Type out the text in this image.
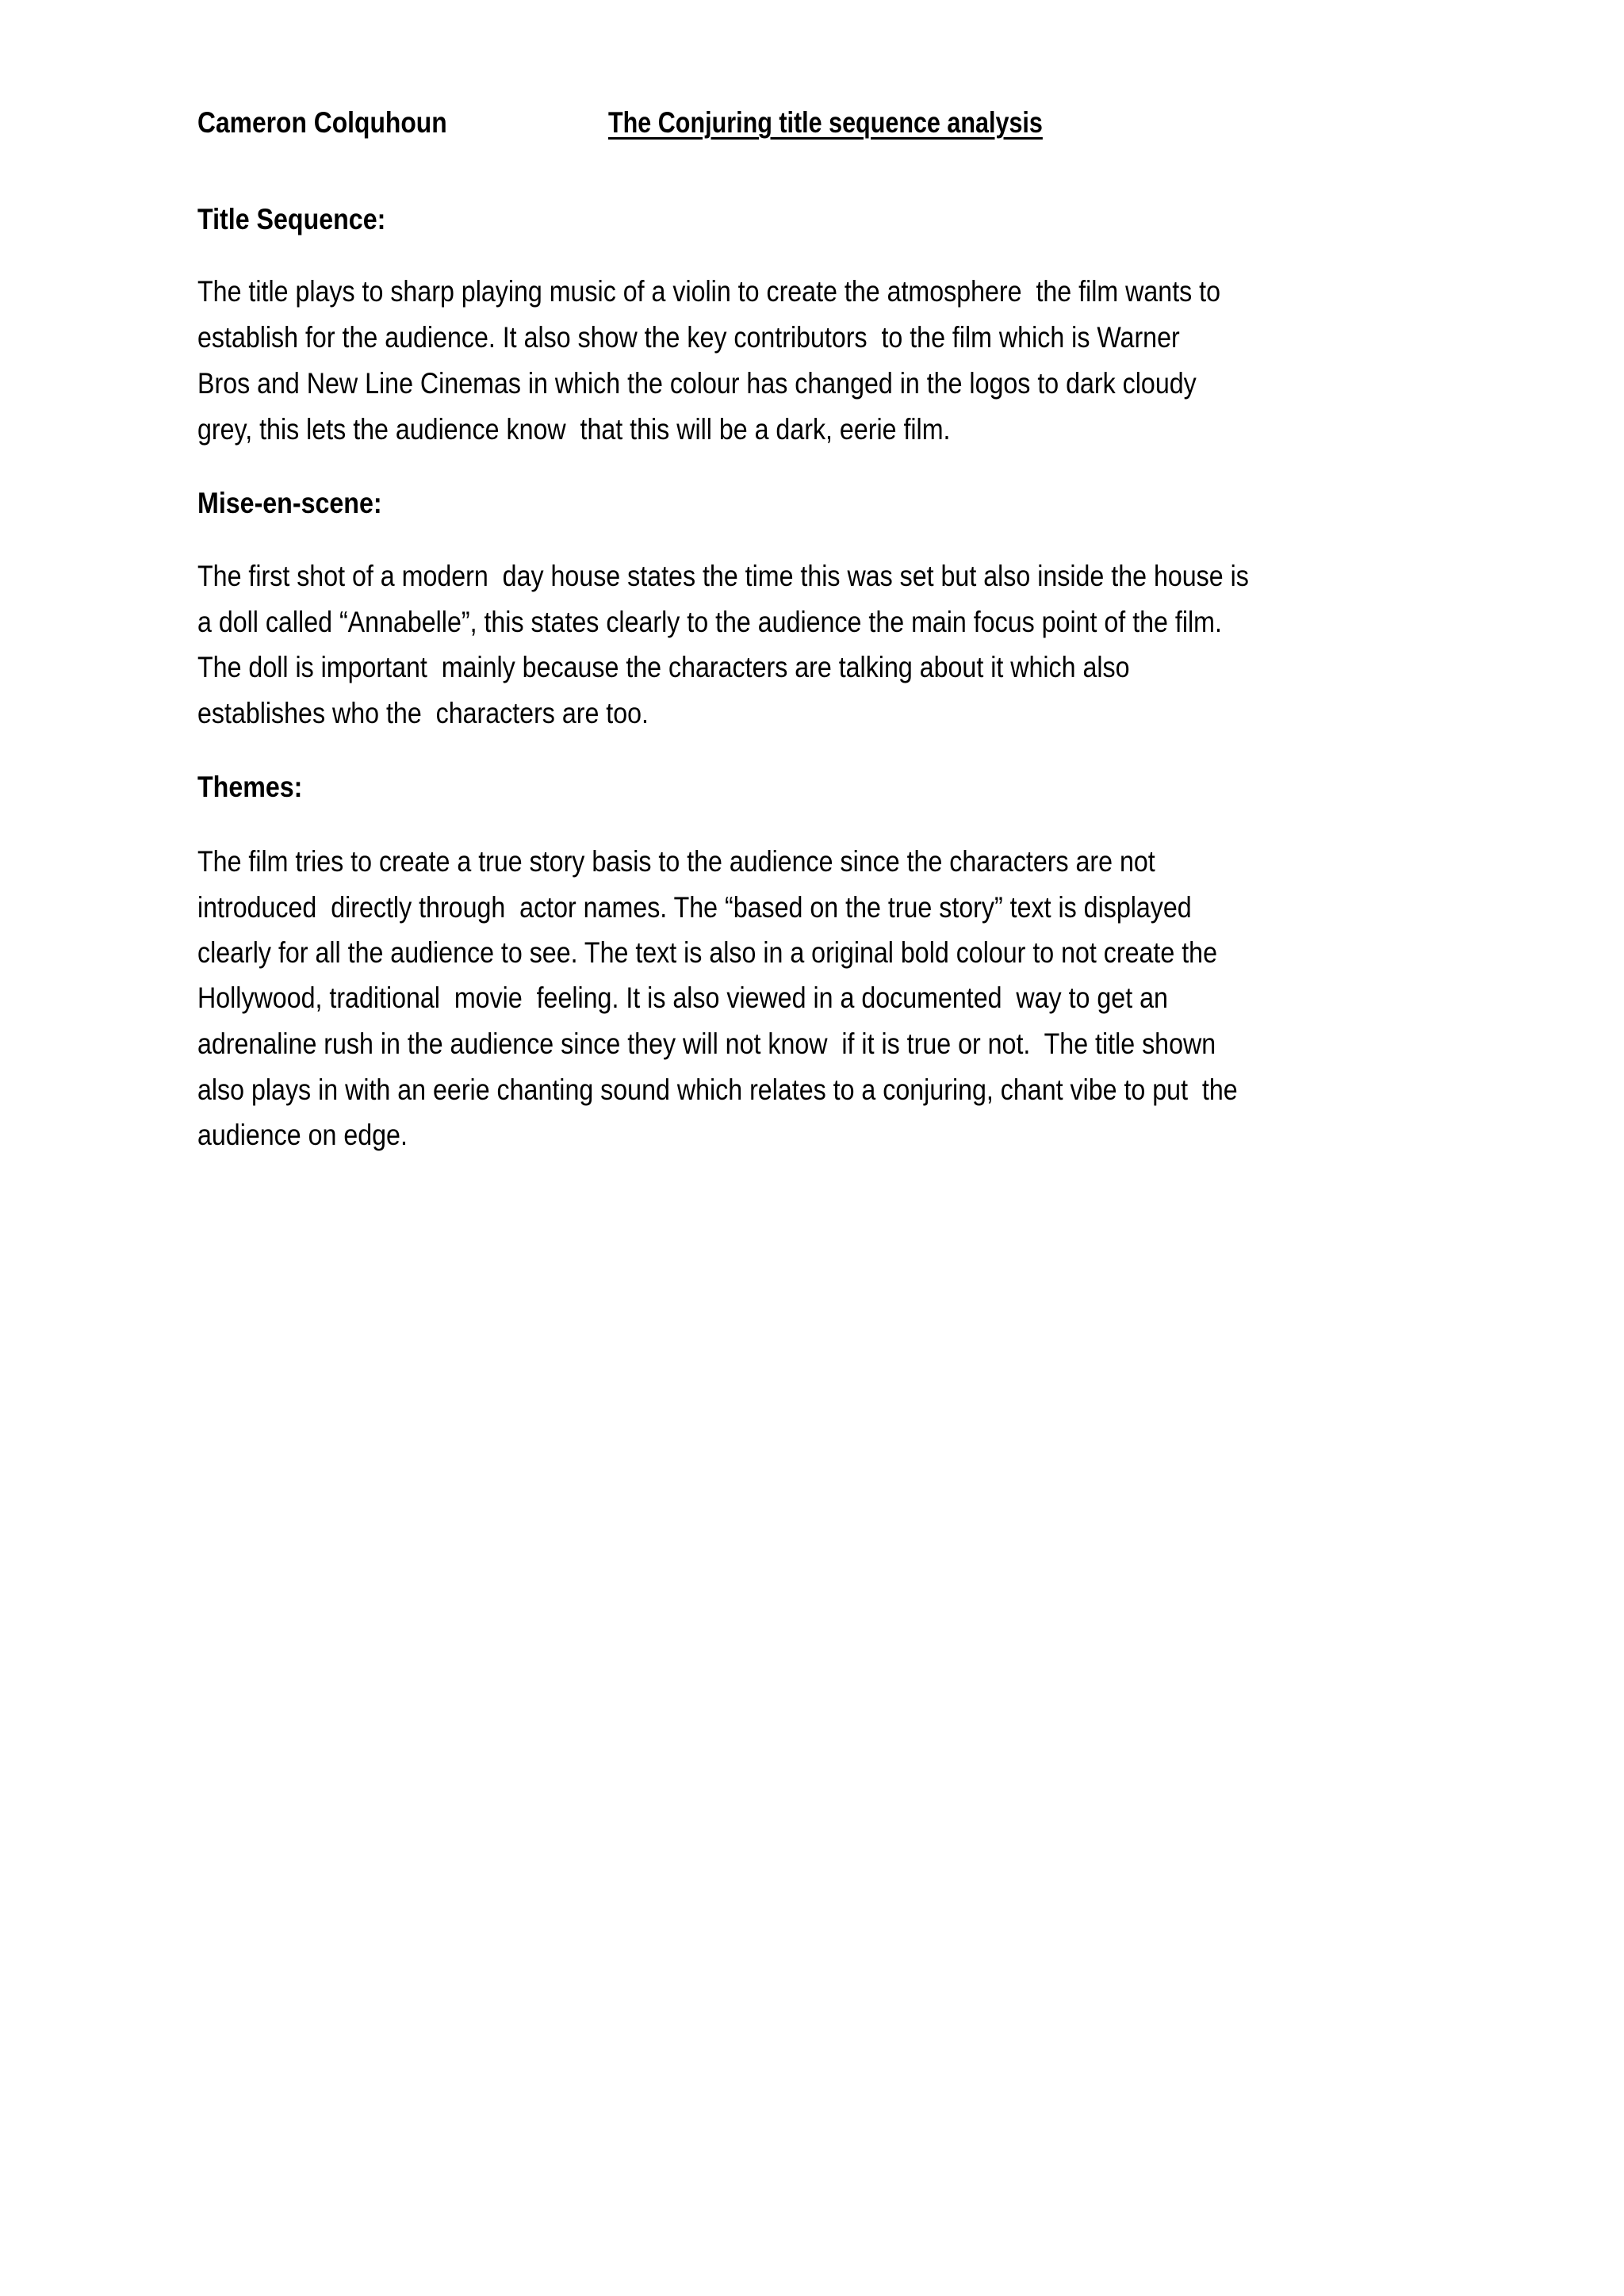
Cameron Colquhoun	The Conjuring title sequence analysis
Title Sequence:
The title plays to sharp playing music of a violin to create the atmosphere  the film wants to
establish for the audience. It also show the key contributors  to the film which is Warner
Bros and New Line Cinemas in which the colour has changed in the logos to dark cloudy
grey, this lets the audience know  that this will be a dark, eerie film.
Mise-en-scene:
The first shot of a modern  day house states the time this was set but also inside the house is
a doll called “Annabelle”, this states clearly to the audience the main focus point of the film.
The doll is important  mainly because the characters are talking about it which also
establishes who the  characters are too.
Themes:
The film tries to create a true story basis to the audience since the characters are not
introduced  directly through  actor names. The “based on the true story” text is displayed
clearly for all the audience to see. The text is also in a original bold colour to not create the
Hollywood, traditional  movie  feeling. It is also viewed in a documented  way to get an
adrenaline rush in the audience since they will not know  if it is true or not.  The title shown
also plays in with an eerie chanting sound which relates to a conjuring, chant vibe to put  the
audience on edge.
